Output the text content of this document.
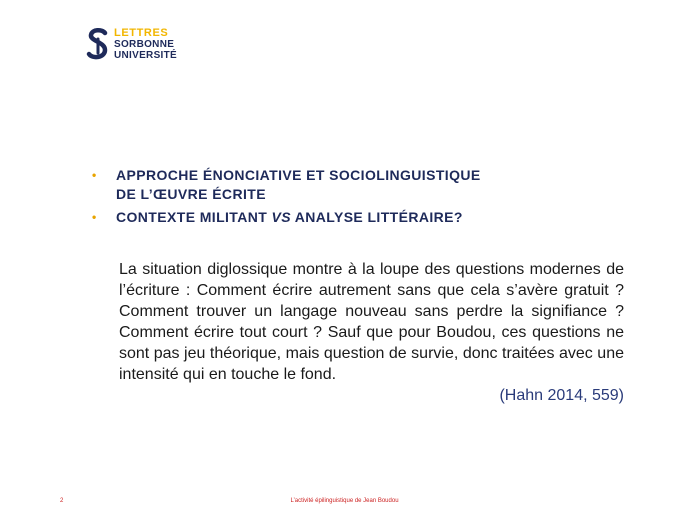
LETTRES
SORBONNE
UNIVERSITÉ
• APPROCHE ÉNONCIATIVE ET SOCIOLINGUISTIQUE
DE L’ŒUVRE ÉCRITE
• CONTEXTE MILITANT VS ANALYSE LITTÉRAIRE?

La situation diglossique montre à la loupe des questions modernes de l’écriture : Comment écrire autrement sans que cela s’avère gratuit ? Comment trouver un langage nouveau sans perdre la signifiance ? Comment écrire tout court ? Sauf que pour Boudou, ces questions ne sont pas jeu théorique, mais question de survie, donc traitées avec une intensité qui en touche le fond.

(Hahn 2014, 559)
2	L’activité épilinguistique de Jean Boudou
